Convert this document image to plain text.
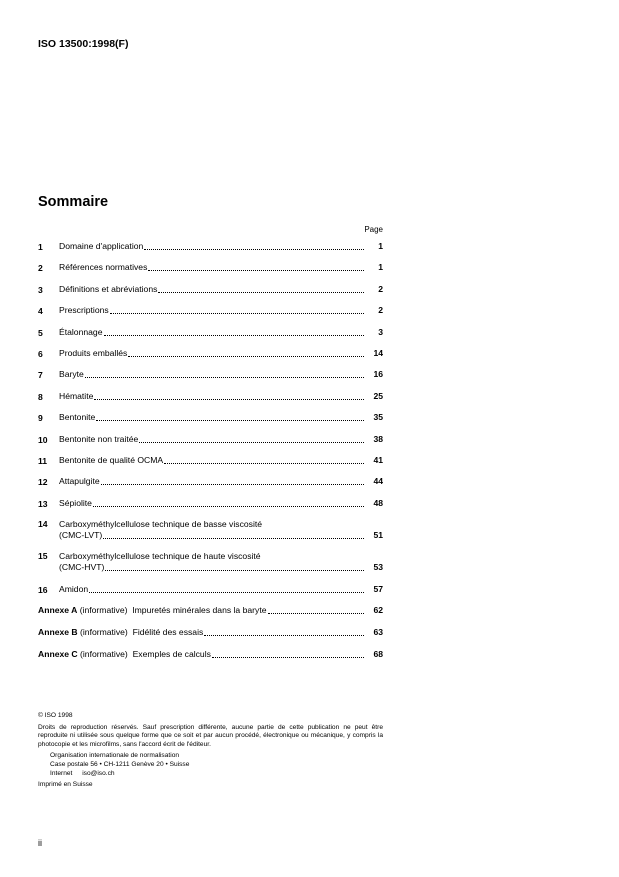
ISO 13500:1998(F)
Sommaire
Page
1	Domaine d'application	1
2	Références normatives	1
3	Définitions et abréviations	2
4	Prescriptions	2
5	Étalonnage	3
6	Produits emballés	14
7	Baryte	16
8	Hématite	25
9	Bentonite	35
10	Bentonite non traitée	38
11	Bentonite de qualité OCMA	41
12	Attapulgite	44
13	Sépiolite	48
14	Carboxyméthylcellulose technique de basse viscosité
(CMC-LVT)	51
15	Carboxyméthylcellulose technique de haute viscosité
(CMC-HVT)	53
16	Amidon	57
Annexe A (informative) Impuretés minérales dans la baryte	62
Annexe B (informative) Fidélité des essais	63
Annexe C (informative) Exemples de calculs	68
© ISO 1998
Droits de reproduction réservés. Sauf prescription différente, aucune partie de cette publication ne peut être reproduite ni utilisée sous quelque forme que ce soit et par aucun procédé, électronique ou mécanique, y compris la photocopie et les microfilms, sans l'accord écrit de l'éditeur.
Organisation internationale de normalisation
Case postale 56 • CH-1211 Genève 20 • Suisse
Internet iso@iso.ch
Imprimé en Suisse
ii
